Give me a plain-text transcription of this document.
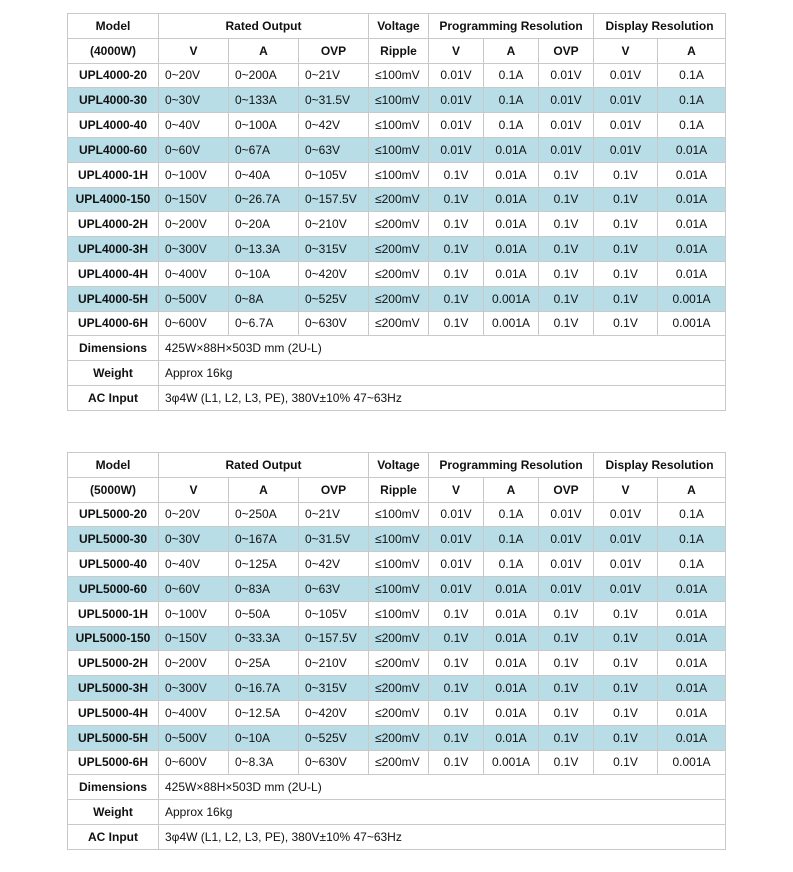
Model	Rated Output			Voltage	Programming Resolution			Display Resolution	
(4000W)	V	A	OVP	Ripple	V	A	OVP	V	A
UPL4000-20	0~20V	0~200A	0~21V	≤100mV	0.01V	0.1A	0.01V	0.01V	0.1A
UPL4000-30	0~30V	0~133A	0~31.5V	≤100mV	0.01V	0.1A	0.01V	0.01V	0.1A
UPL4000-40	0~40V	0~100A	0~42V	≤100mV	0.01V	0.1A	0.01V	0.01V	0.1A
UPL4000-60	0~60V	0~67A	0~63V	≤100mV	0.01V	0.01A	0.01V	0.01V	0.01A
UPL4000-1H	0~100V	0~40A	0~105V	≤100mV	0.1V	0.01A	0.1V	0.1V	0.01A
UPL4000-150	0~150V	0~26.7A	0~157.5V	≤200mV	0.1V	0.01A	0.1V	0.1V	0.01A
UPL4000-2H	0~200V	0~20A	0~210V	≤200mV	0.1V	0.01A	0.1V	0.1V	0.01A
UPL4000-3H	0~300V	0~13.3A	0~315V	≤200mV	0.1V	0.01A	0.1V	0.1V	0.01A
UPL4000-4H	0~400V	0~10A	0~420V	≤200mV	0.1V	0.01A	0.1V	0.1V	0.01A
UPL4000-5H	0~500V	0~8A	0~525V	≤200mV	0.1V	0.001A	0.1V	0.1V	0.001A
UPL4000-6H	0~600V	0~6.7A	0~630V	≤200mV	0.1V	0.001A	0.1V	0.1V	0.001A
Dimensions	425W×88H×503D mm (2U-L)								
Weight	Approx 16kg								
AC Input	3φ4W (L1, L2, L3, PE), 380V±10% 47~63Hz								
Model	Rated Output			Voltage	Programming Resolution			Display Resolution	
(5000W)	V	A	OVP	Ripple	V	A	OVP	V	A
UPL5000-20	0~20V	0~250A	0~21V	≤100mV	0.01V	0.1A	0.01V	0.01V	0.1A
UPL5000-30	0~30V	0~167A	0~31.5V	≤100mV	0.01V	0.1A	0.01V	0.01V	0.1A
UPL5000-40	0~40V	0~125A	0~42V	≤100mV	0.01V	0.1A	0.01V	0.01V	0.1A
UPL5000-60	0~60V	0~83A	0~63V	≤100mV	0.01V	0.01A	0.01V	0.01V	0.01A
UPL5000-1H	0~100V	0~50A	0~105V	≤100mV	0.1V	0.01A	0.1V	0.1V	0.01A
UPL5000-150	0~150V	0~33.3A	0~157.5V	≤200mV	0.1V	0.01A	0.1V	0.1V	0.01A
UPL5000-2H	0~200V	0~25A	0~210V	≤200mV	0.1V	0.01A	0.1V	0.1V	0.01A
UPL5000-3H	0~300V	0~16.7A	0~315V	≤200mV	0.1V	0.01A	0.1V	0.1V	0.01A
UPL5000-4H	0~400V	0~12.5A	0~420V	≤200mV	0.1V	0.01A	0.1V	0.1V	0.01A
UPL5000-5H	0~500V	0~10A	0~525V	≤200mV	0.1V	0.01A	0.1V	0.1V	0.01A
UPL5000-6H	0~600V	0~8.3A	0~630V	≤200mV	0.1V	0.001A	0.1V	0.1V	0.001A
Dimensions	425W×88H×503D mm (2U-L)								
Weight	Approx 16kg								
AC Input	3φ4W (L1, L2, L3, PE), 380V±10% 47~63Hz								
